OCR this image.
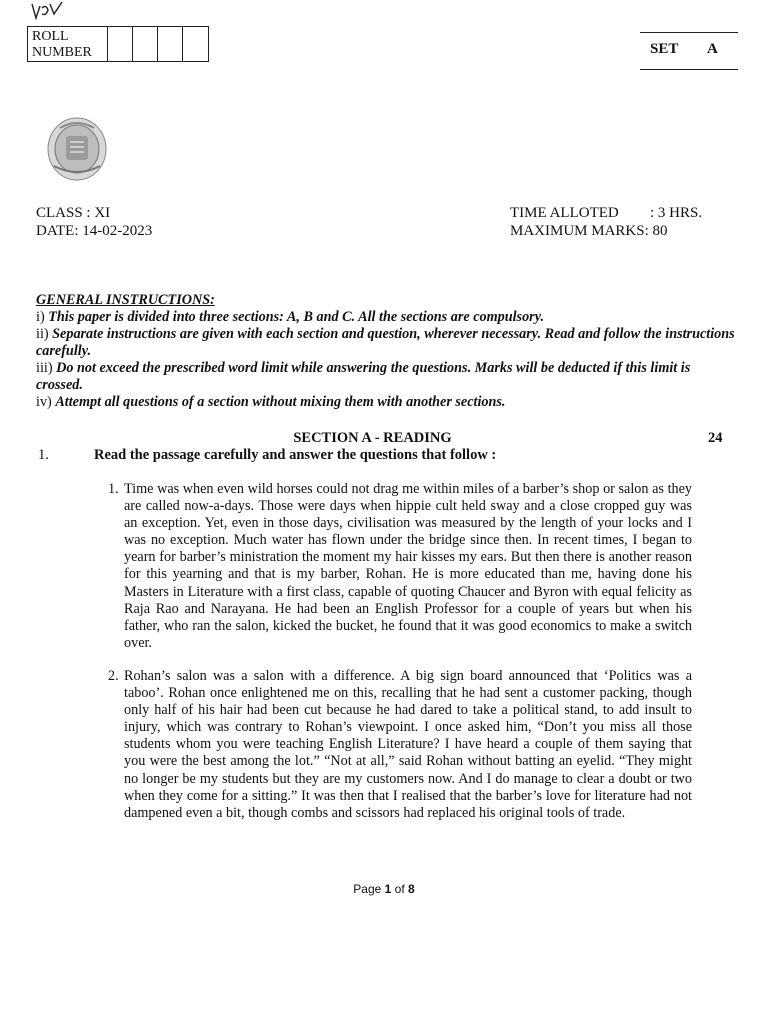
ROLL
NUMBER	SET A
CLASS : XI
DATE: 14-02-2023
TIME ALLOTED : 3 HRS.
MAXIMUM MARKS: 80
GENERAL INSTRUCTIONS:
i) This paper is divided into three sections: A, B and C. All the sections are compulsory.
ii) Separate instructions are given with each section and question, wherever necessary. Read and follow the instructions carefully.
iii) Do not exceed the prescribed word limit while answering the questions. Marks will be deducted if this limit is crossed.
iv) Attempt all questions of a section without mixing them with another sections.
SECTION A - READING	24
1.	Read the passage carefully and answer the questions that follow :
1. Time was when even wild horses could not drag me within miles of a barber’s shop or salon as they are called now-a-days. Those were days when hippie cult held sway and a close cropped guy was an exception. Yet, even in those days, civilisation was measured by the length of your locks and I was no exception. Much water has flown under the bridge since then. In recent times, I began to yearn for barber’s ministration the moment my hair kisses my ears. But then there is another reason for this yearning and that is my barber, Rohan. He is more educated than me, having done his Masters in Literature with a first class, capable of quoting Chaucer and Byron with equal felicity as Raja Rao and Narayana. He had been an English Professor for a couple of years but when his father, who ran the salon, kicked the bucket, he found that it was good economics to make a switch over.
2. Rohan’s salon was a salon with a difference. A big sign board announced that ‘Politics was a taboo’. Rohan once enlightened me on this, recalling that he had sent a customer packing, though only half of his hair had been cut because he had dared to take a political stand, to add insult to injury, which was contrary to Rohan’s viewpoint. I once asked him, “Don’t you miss all those students whom you were teaching English Literature? I have heard a couple of them saying that you were the best among the lot.” “Not at all,” said Rohan without batting an eyelid. “They might no longer be my students but they are my customers now. And I do manage to clear a doubt or two when they come for a sitting.” It was then that I realised that the barber’s love for literature had not dampened even a bit, though combs and scissors had replaced his original tools of trade.
Page 1 of 8
